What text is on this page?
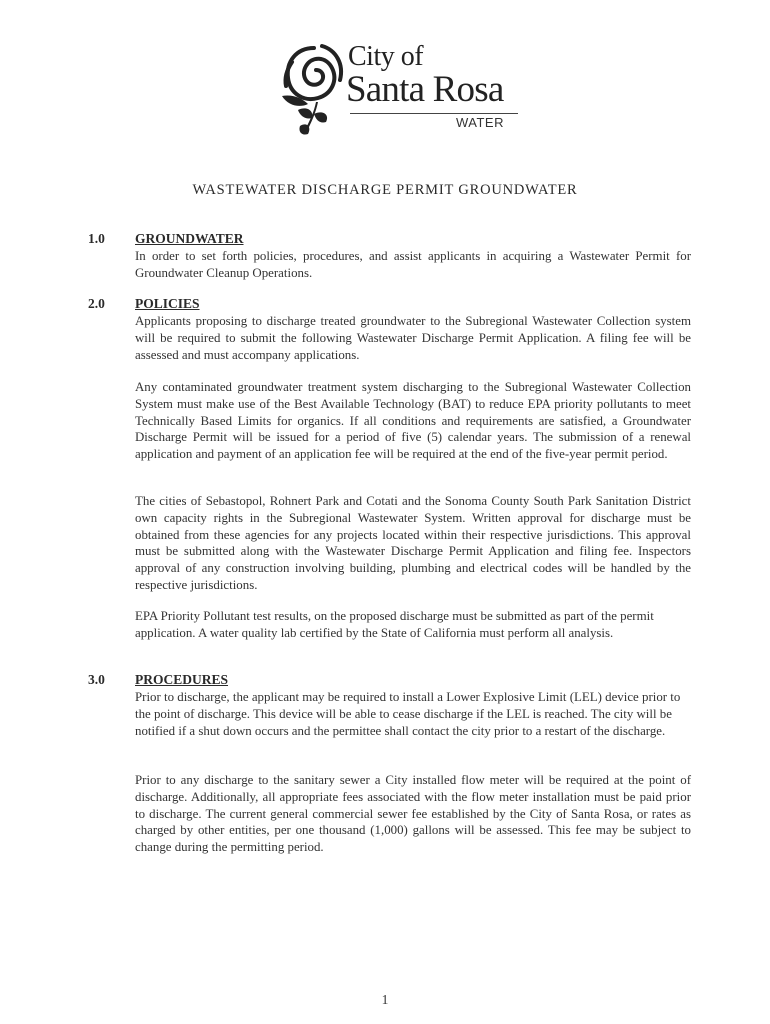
City of
Santa Rosa
WATER
WASTEWATER DISCHARGE PERMIT GROUNDWATER
1.0 GROUNDWATER

In order to set forth policies, procedures, and assist applicants in acquiring a Wastewater Permit for Groundwater Cleanup Operations.

2.0 POLICIES

Applicants proposing to discharge treated groundwater to the Subregional Wastewater Collection system will be required to submit the following Wastewater Discharge Permit Application. A filing fee will be assessed and must accompany applications.

Any contaminated groundwater treatment system discharging to the Subregional Wastewater Collection System must make use of the Best Available Technology (BAT) to reduce EPA priority pollutants to meet Technically Based Limits for organics. If all conditions and requirements are satisfied, a Groundwater Discharge Permit will be issued for a period of five (5) calendar years. The submission of a renewal application and payment of an application fee will be required at the end of the five-year permit period.

The cities of Sebastopol, Rohnert Park and Cotati and the Sonoma County South Park Sanitation District own capacity rights in the Subregional Wastewater System. Written approval for discharge must be obtained from these agencies for any projects located within their respective jurisdictions. This approval must be submitted along with the Wastewater Discharge Permit Application and filing fee. Inspectors approval of any construction involving building, plumbing and electrical codes will be handled by the respective jurisdictions.

EPA Priority Pollutant test results, on the proposed discharge must be submitted as part of the permit application. A water quality lab certified by the State of California must perform all analysis.

3.0 PROCEDURES

Prior to discharge, the applicant may be required to install a Lower Explosive Limit (LEL) device prior to the point of discharge. This device will be able to cease discharge if the LEL is reached. The city will be notified if a shut down occurs and the permittee shall contact the city prior to a restart of the discharge.

Prior to any discharge to the sanitary sewer a City installed flow meter will be required at the point of discharge. Additionally, all appropriate fees associated with the flow meter installation must be paid prior to discharge. The current general commercial sewer fee established by the City of Santa Rosa, or rates as charged by other entities, per one thousand (1,000) gallons will be assessed. This fee may be subject to change during the permitting period.

1
